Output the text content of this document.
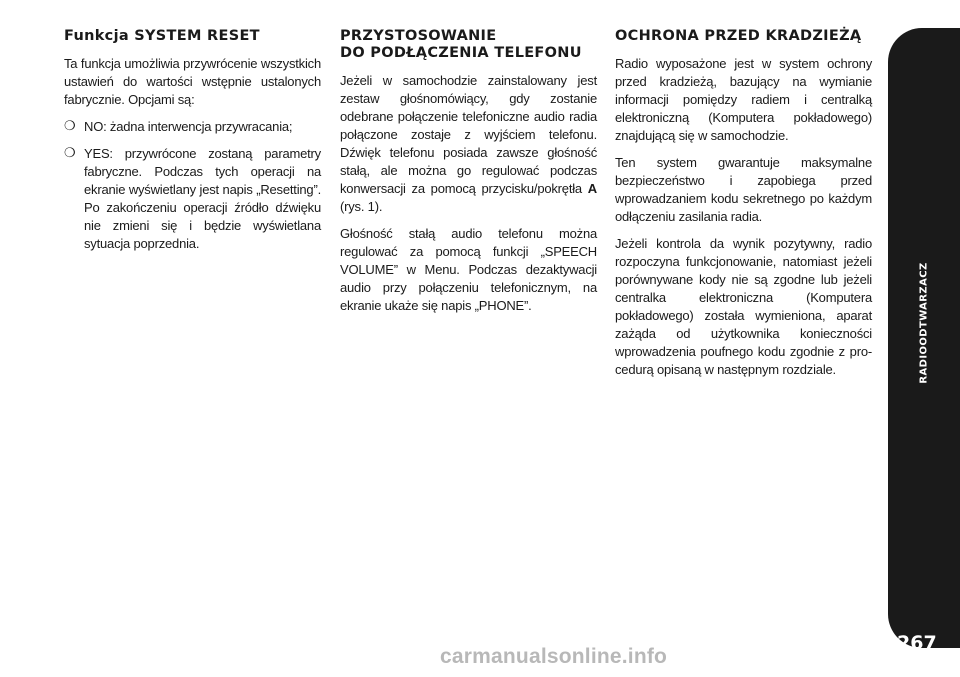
Funkcja SYSTEM RESET

Ta funkcja umożliwia przywrócenie wszystkich ustawień do wartości wstępnie ustalonych fabrycznie. Opcjami są:

❍ NO: żadna interwencja przywracania;

❍ YES: przywrócone zostaną parametry fabryczne. Podczas tych operacji na ekranie wyświetlany jest napis „Resetting”. Po zakończeniu operacji źródło dźwięku nie zmieni się i będzie wyświetlana sytuacja poprzednia.

PRZYSTOSOWANIE
DO PODŁĄCZENIA TELEFONU

Jeżeli w samochodzie zainstalowany jest zestaw głośnomówiący, gdy zostanie odebrane połączenie telefoniczne audio radia połączone zostaje z wyjściem telefonu. Dźwięk telefonu posiada zawsze głośność stałą, ale można go regulować podczas konwersacji za pomocą przycisku/pokrętła A (rys. 1).

Głośność stałą audio telefonu można regulować za pomocą funkcji „SPEECH VOLUME” w Menu. Podczas dezaktywacji audio przy połączeniu telefonicznym, na ekranie ukaże się napis „PHONE”.

OCHRONA PRZED KRADZIEŻĄ

Radio wyposażone jest w system ochrony przed kradzieżą, bazujący na wymianie informacji pomiędzy radiem i centralką elektroniczną (Komputera pokładowego) znajdującą się w samochodzie.

Ten system gwarantuje maksymalne bezpieczeństwo i zapobiega przed wprowadzaniem kodu sekretnego po każdym odłączeniu zasilania radia.

Jeżeli kontrola da wynik pozytywny, radio rozpoczyna funkcjonowanie, natomiast jeżeli porównywane kody nie są zgodne lub jeżeli centralka elektroniczna (Komputera pokładowego) została wymieniona, aparat zażąda od użytkownika konieczności wprowadzenia poufnego kodu zgodnie z pro-cedurą opisaną w następnym rozdziale.	RADIOODTWARZACZ
267
carmanualsonline.info
